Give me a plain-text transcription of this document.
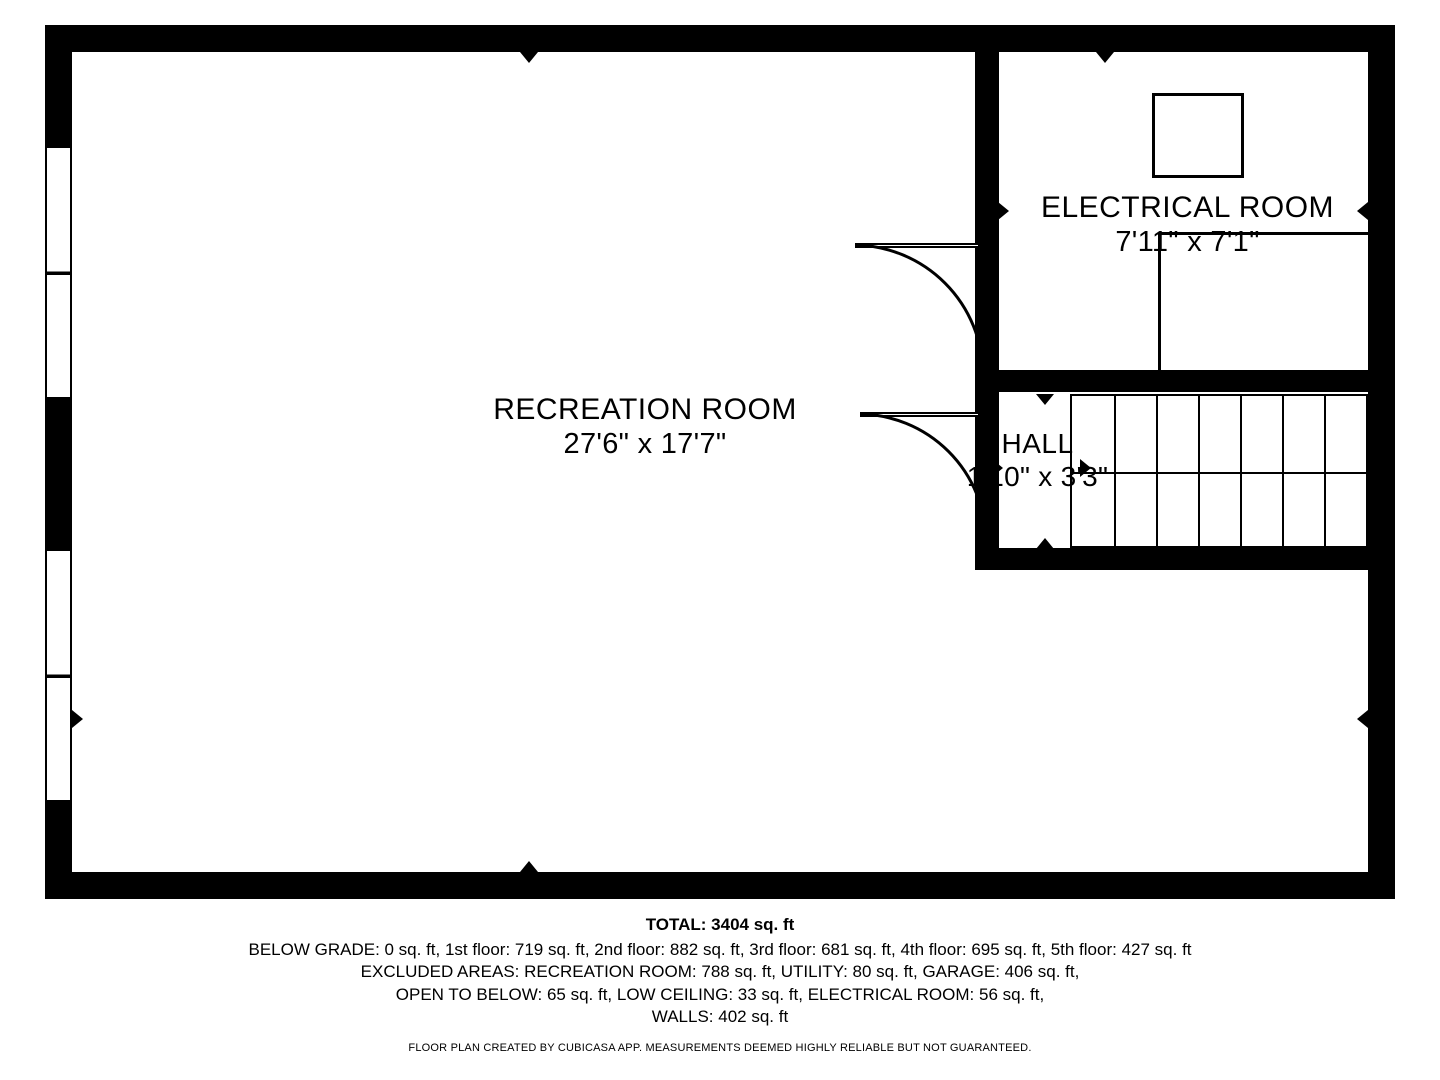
RECREATION ROOM
27'6" x 17'7"
ELECTRICAL ROOM
7'11" x 7'1"
HALL
1'10" x 3'3"
TOTAL: 3404 sq. ft
BELOW GRADE: 0 sq. ft, 1st floor: 719 sq. ft, 2nd floor: 882 sq. ft, 3rd floor: 681 sq. ft, 4th floor: 695 sq. ft, 5th floor: 427 sq. ft
EXCLUDED AREAS: RECREATION ROOM: 788 sq. ft, UTILITY: 80 sq. ft, GARAGE: 406 sq. ft,
OPEN TO BELOW: 65 sq. ft, LOW CEILING: 33 sq. ft, ELECTRICAL ROOM: 56 sq. ft,
WALLS: 402 sq. ft
FLOOR PLAN CREATED BY CUBICASA APP. MEASUREMENTS DEEMED HIGHLY RELIABLE BUT NOT GUARANTEED.
